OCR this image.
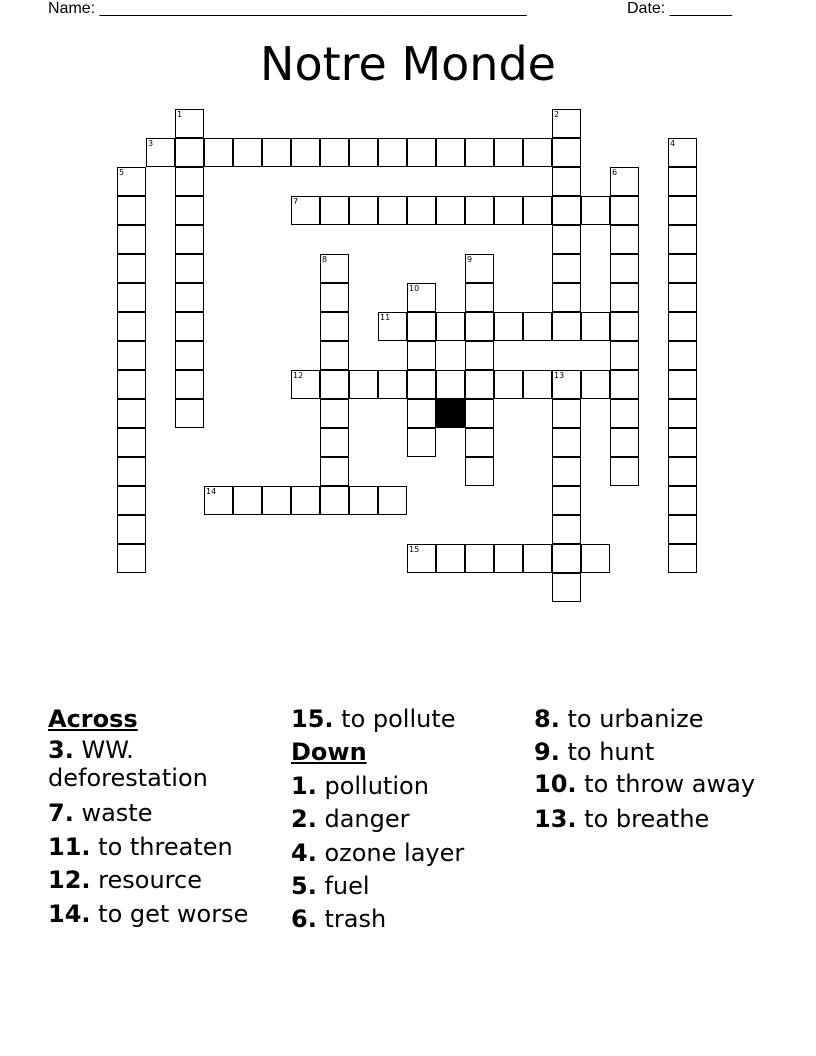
Name: ________________________________________________	Date: _______
Notre Monde
1	2
3	4
5	6
7
8	9
10
11
12	13
14
15
Across
3. WW. deforestation
7. waste
11. to threaten
12. resource
14. to get worse
15. to pollute
Down
1. pollution
2. danger
4. ozone layer
5. fuel
6. trash
8. to urbanize
9. to hunt
10. to throw away
13. to breathe
